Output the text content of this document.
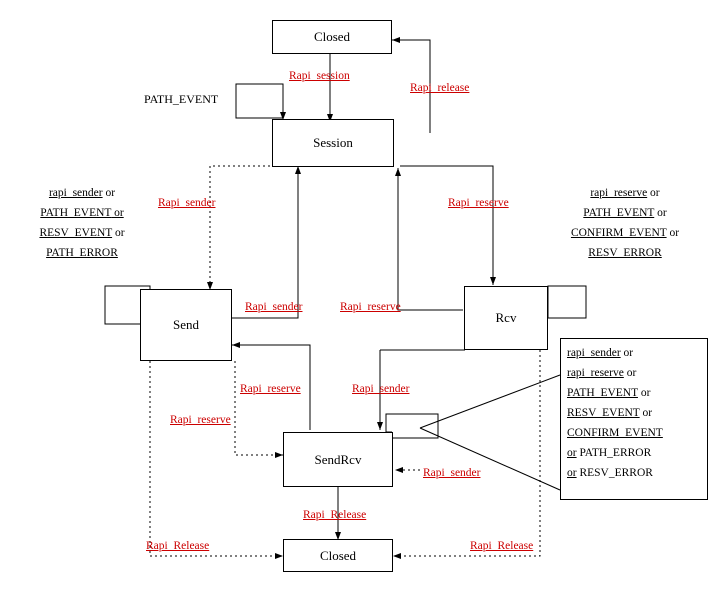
Closed
Session
Send	Rcv
SendRcv
Closed
Rapi_session
Rapi_release
Rapi_sender	Rapi_reserve
Rapi_sender	Rapi_reserve
Rapi_reserve	Rapi_sender
Rapi_reserve
Rapi_sender
Rapi_Release
Rapi_Release	Rapi_Release
PATH_EVENT
rapi_sender or
PATH_EVENT or
RESV_EVENT or
PATH_ERROR
rapi_reserve or
PATH_EVENT or
CONFIRM_EVENT or
RESV_ERROR
rapi_sender or
rapi_reserve or
PATH_EVENT or
RESV_EVENT or
CONFIRM_EVENT
or PATH_ERROR
or RESV_ERROR
